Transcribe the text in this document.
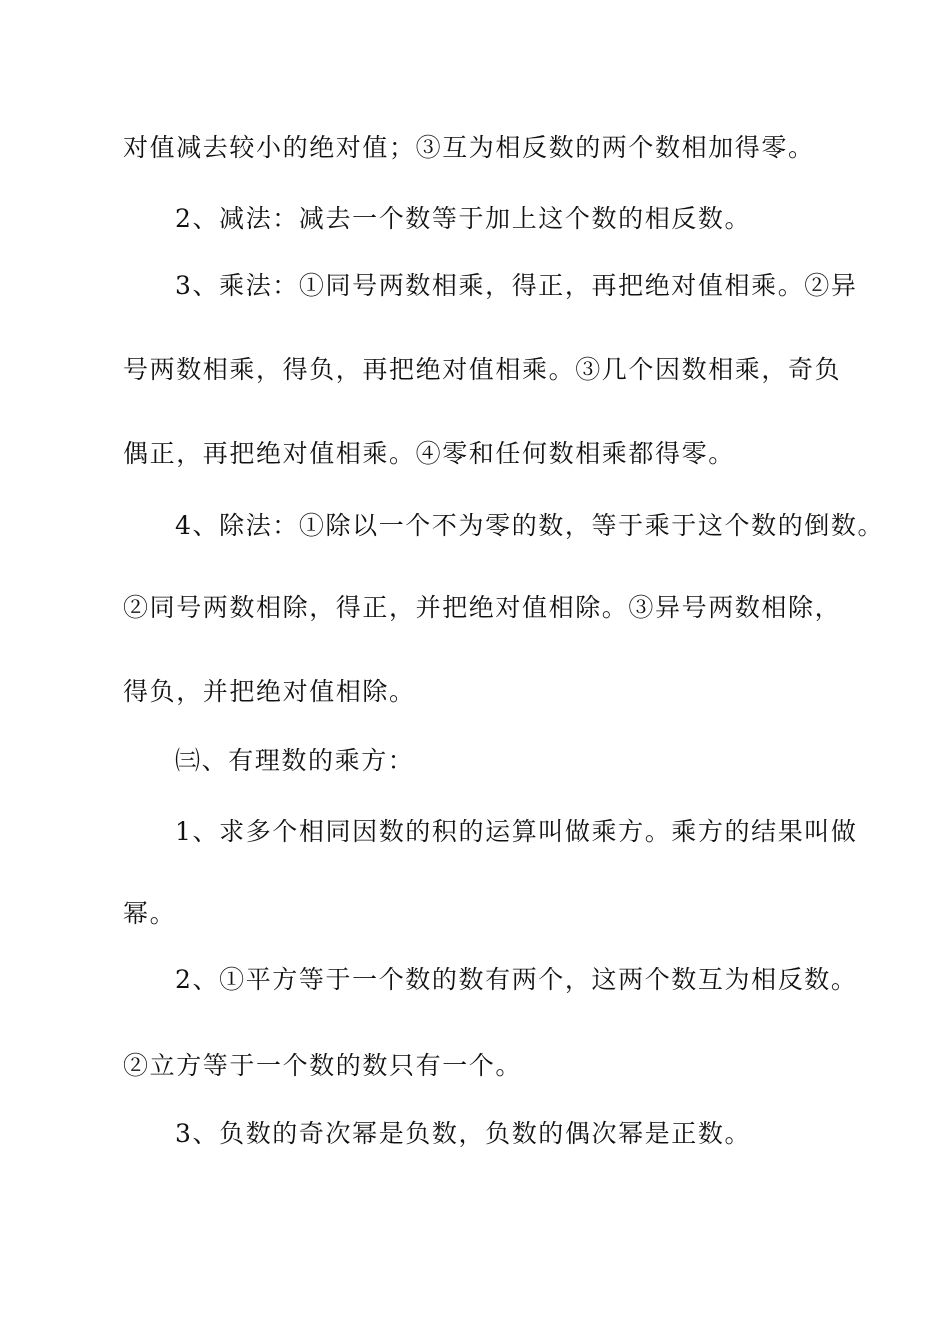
对值减去较小的绝对值；③互为相反数的两个数相加得零。

2、减法：减去一个数等于加上这个数的相反数。

3、乘法：①同号两数相乘，得正，再把绝对值相乘。②异

号两数相乘，得负，再把绝对值相乘。③几个因数相乘，奇负

偶正，再把绝对值相乘。④零和任何数相乘都得零。

4、除法：①除以一个不为零的数，等于乘于这个数的倒数。

②同号两数相除，得正，并把绝对值相除。③异号两数相除，

得负，并把绝对值相除。

㈢、有理数的乘方：

1、求多个相同因数的积的运算叫做乘方。乘方的结果叫做

幂。

2、①平方等于一个数的数有两个，这两个数互为相反数。

②立方等于一个数的数只有一个。

3、负数的奇次幂是负数，负数的偶次幂是正数。
